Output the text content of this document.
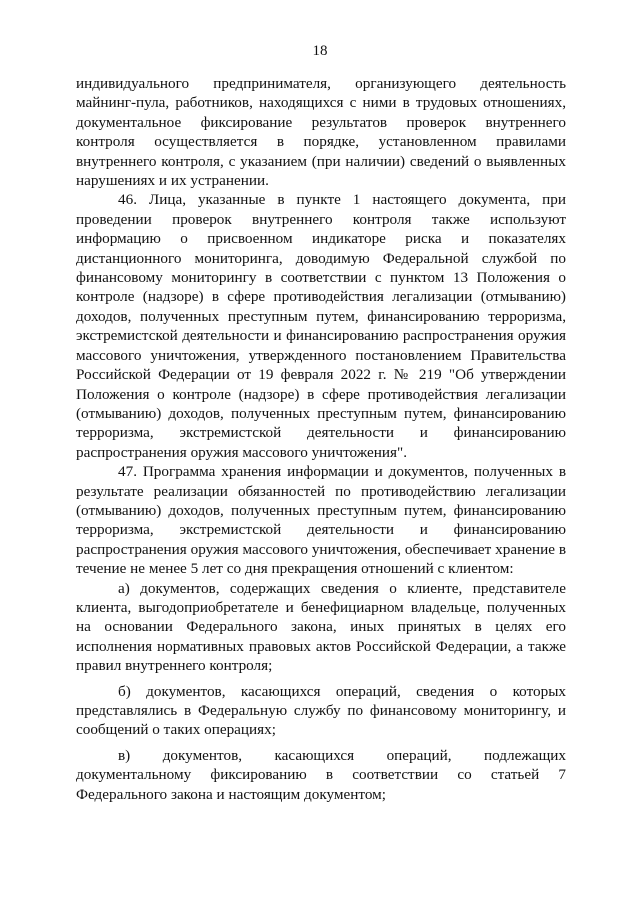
18

индивидуального предпринимателя, организующего деятельность майнинг-пула, работников, находящихся с ними в трудовых отношениях, документальное фиксирование результатов проверок внутреннего контроля осуществляется в порядке, установленном правилами внутреннего контроля, с указанием (при наличии) сведений о выявленных нарушениях и их устранении.

46. Лица, указанные в пункте 1 настоящего документа, при проведении проверок внутреннего контроля также используют информацию о присвоенном индикаторе риска и показателях дистанционного мониторинга, доводимую Федеральной службой по финансовому мониторингу в соответствии с пунктом 13 Положения о контроле (надзоре) в сфере противодействия легализации (отмыванию) доходов, полученных преступным путем, финансированию терроризма, экстремистской деятельности и финансированию распространения оружия массового уничтожения, утвержденного постановлением Правительства Российской Федерации от 19 февраля 2022 г. № 219 "Об утверждении Положения о контроле (надзоре) в сфере противодействия легализации (отмыванию) доходов, полученных преступным путем, финансированию терроризма, экстремистской деятельности и финансированию распространения оружия массового уничтожения".

47. Программа хранения информации и документов, полученных в результате реализации обязанностей по противодействию легализации (отмыванию) доходов, полученных преступным путем, финансированию терроризма, экстремистской деятельности и финансированию распространения оружия массового уничтожения, обеспечивает хранение в течение не менее 5 лет со дня прекращения отношений с клиентом:

а) документов, содержащих сведения о клиенте, представителе клиента, выгодоприобретателе и бенефициарном владельце, полученных на основании Федерального закона, иных принятых в целях его исполнения нормативных правовых актов Российской Федерации, а также правил внутреннего контроля;

б) документов, касающихся операций, сведения о которых представлялись в Федеральную службу по финансовому мониторингу, и сообщений о таких операциях;

в) документов, касающихся операций, подлежащих документальному фиксированию в соответствии со статьей 7 Федерального закона и настоящим документом;
